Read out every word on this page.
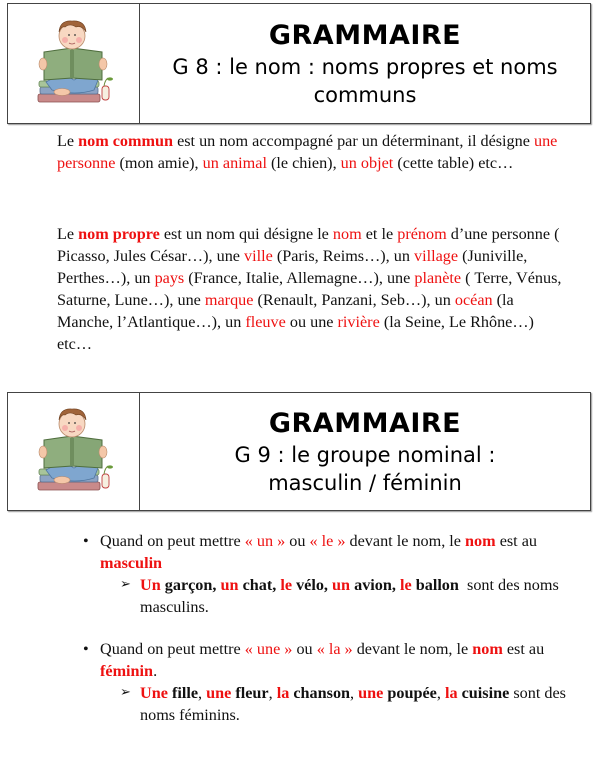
GRAMMAIRE
G 8 : le nom : noms propres et noms
communs

Le nom commun est un nom accompagné par un déterminant, il désigne une personne (mon amie), un animal (le chien), un objet (cette table) etc…

Le nom propre est un nom qui désigne le nom et le prénom d’une personne ( Picasso, Jules César…), une ville (Paris, Reims…), un village (Juniville, Perthes…), un pays (France, Italie, Allemagne…), une planète ( Terre, Vénus, Saturne, Lune…), une marque (Renault, Panzani, Seb…), un océan (la Manche, l’Atlantique…), un fleuve ou une rivière (la Seine, Le Rhône…) etc…

GRAMMAIRE
G 9 : le groupe nominal :
masculin / féminin
• Quand on peut mettre « un » ou « le » devant le nom, le nom est au masculin
➢ Un garçon, un chat, le vélo, un avion, le ballon  sont des noms masculins.
• Quand on peut mettre « une » ou « la » devant le nom, le nom est au féminin.
➢ Une fille, une fleur, la chanson, une poupée, la cuisine sont des noms féminins.
